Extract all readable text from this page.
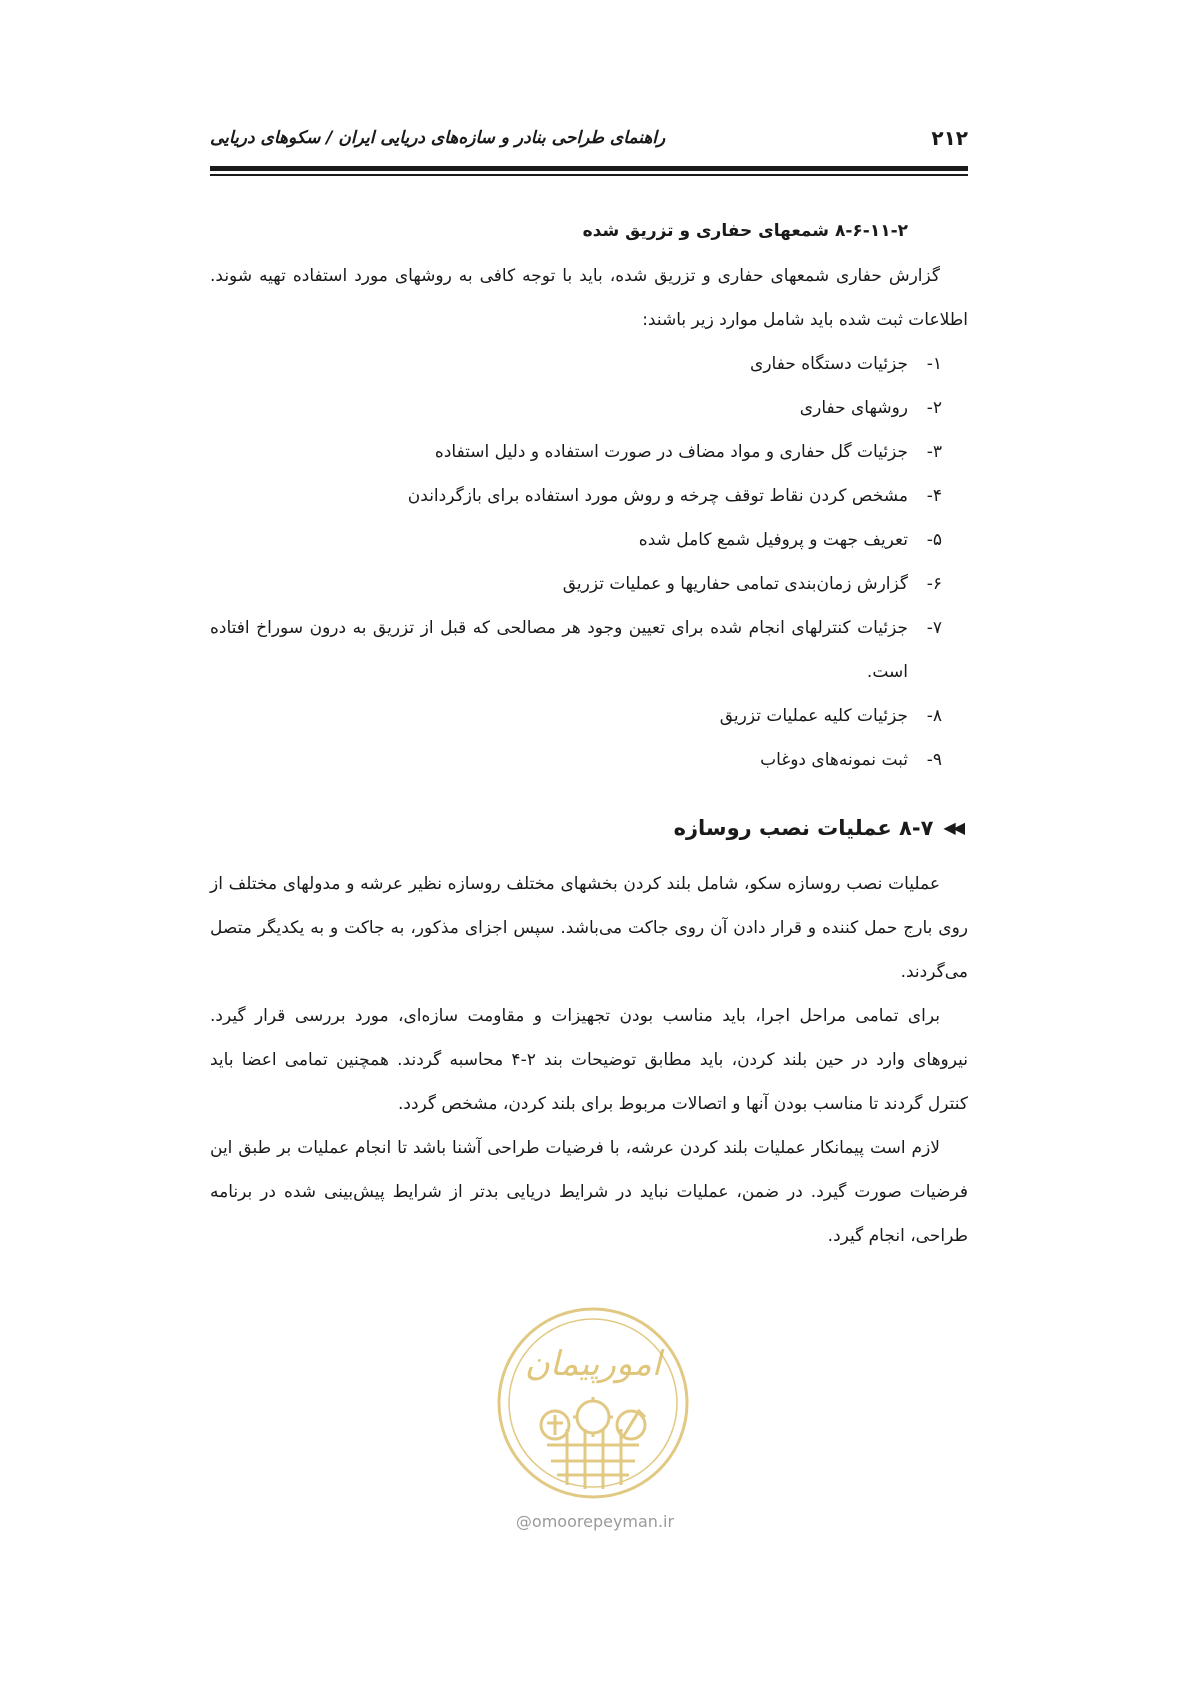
۲۱۲
راهنمای طراحی بنادر و سازه‌های دریایی ایران / سکوهای دریایی
۸-۶-۱۱-۲ شمعهای حفاری و تزریق شده

گزارش حفاری شمعهای حفاری و تزریق شده، باید با توجه کافی به روشهای مورد استفاده تهیه شوند. اطلاعات ثبت شده باید شامل موارد زیر باشند:

۱-
جزئیات دستگاه حفاری
۲-
روشهای حفاری
۳-
جزئیات گل حفاری و مواد مضاف در صورت استفاده و دلیل استفاده
۴-
مشخص کردن نقاط توقف چرخه و روش مورد استفاده برای بازگرداندن
۵-
تعریف جهت و پروفیل شمع کامل شده
۶-
گزارش زمان‌بندی تمامی حفاریها و عملیات تزریق
۷-
جزئیات کنترلهای انجام شده برای تعیین وجود هر مصالحی که قبل از تزریق به درون سوراخ افتاده است.
۸-
جزئیات کلیه عملیات تزریق
۹-
ثبت نمونه‌های دوغاب
◀◀
۸-۷ عملیات نصب روسازه

عملیات نصب روسازه سکو، شامل بلند کردن بخشهای مختلف روسازه نظیر عرشه و مدولهای مختلف از روی بارج حمل کننده و قرار دادن آن روی جاکت می‌باشد. سپس اجزای مذکور، به جاکت و به یکدیگر متصل می‌گردند.

برای تمامی مراحل اجرا، باید مناسب بودن تجهیزات و مقاومت سازه‌ای، مورد بررسی قرار گیرد. نیروهای وارد در حین بلند کردن، باید مطابق توضیحات بند ۲-۴ محاسبه گردند. همچنین تمامی اعضا باید کنترل گردند تا مناسب بودن آنها و اتصالات مربوط برای بلند کردن، مشخص گردد.

لازم است پیمانکار عملیات بلند کردن عرشه، با فرضیات طراحی آشنا باشد تا انجام عملیات بر طبق این فرضیات صورت گیرد. در ضمن، عملیات نباید در شرایط دریایی بدتر از شرایط پیش‌بینی شده در برنامه طراحی، انجام گیرد.

امورپیمان
@omoorepeyman.ir
